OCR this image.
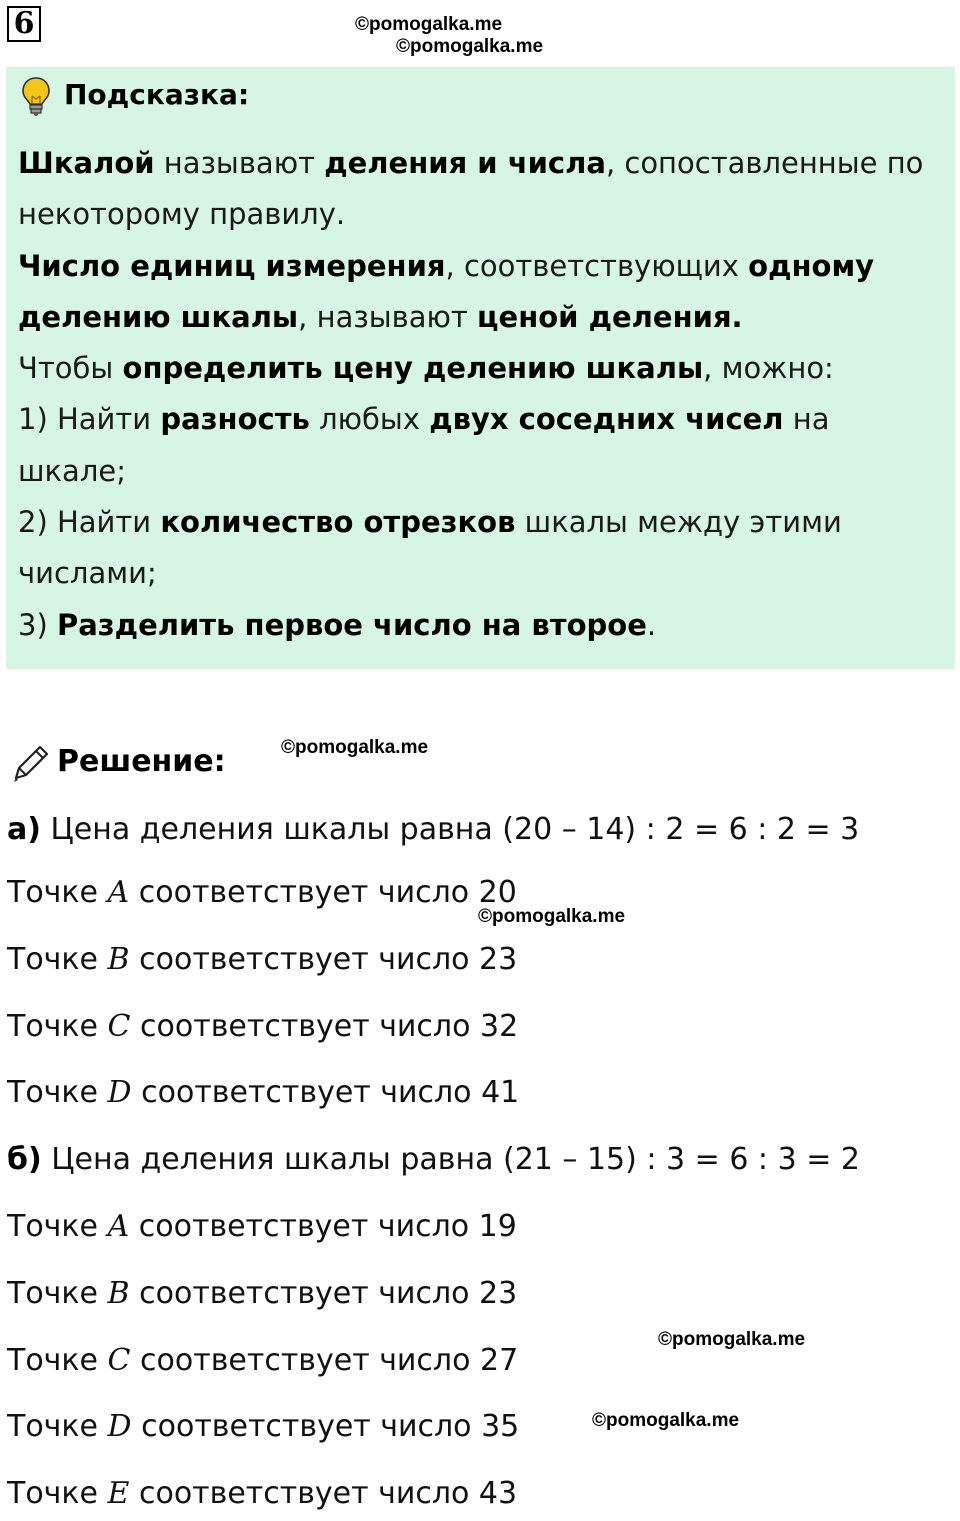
6	©pomogalka.me
©pomogalka.me
©pomogalka.me
©pomogalka.me
©pomogalka.me
©pomogalka.me
Подсказка:

Шкалой называют деления и числа, сопоставленные по некоторому правилу.

Число единиц измерения, соответствующих одному делению шкалы, называют ценой деления.

Чтобы определить цену делению шкалы, можно:

1) Найти разность любых двух соседних чисел на шкале;

2) Найти количество отрезков шкалы между этими числами;

3) Разделить первое число на второе.

Решение:
а) Цена деления шкалы равна (20 – 14) : 2 = 6 : 2 = 3
Точке A соответствует число 20
Точке B соответствует число 23
Точке C соответствует число 32
Точке D соответствует число 41
б) Цена деления шкалы равна (21 – 15) : 3 = 6 : 3 = 2
Точке A соответствует число 19
Точке B соответствует число 23
Точке C соответствует число 27
Точке D соответствует число 35
Точке E соответствует число 43
